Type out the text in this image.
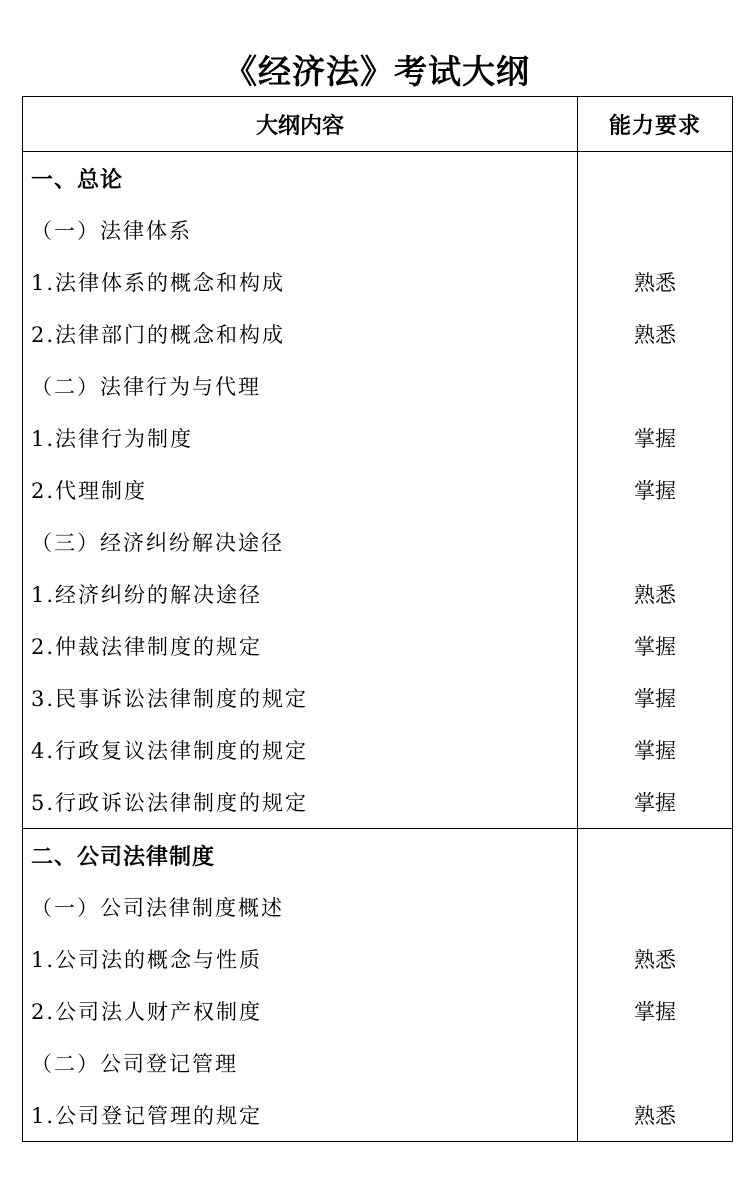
《经济法》考试大纲
大纲内容	能力要求
一、总论	
（一）法律体系	
1.法律体系的概念和构成	熟悉
2.法律部门的概念和构成	熟悉
（二）法律行为与代理	
1.法律行为制度	掌握
2.代理制度	掌握
（三）经济纠纷解决途径	
1.经济纠纷的解决途径	熟悉
2.仲裁法律制度的规定	掌握
3.民事诉讼法律制度的规定	掌握
4.行政复议法律制度的规定	掌握
5.行政诉讼法律制度的规定	掌握
二、公司法律制度	
（一）公司法律制度概述	
1.公司法的概念与性质	熟悉
2.公司法人财产权制度	掌握
（二）公司登记管理	
1.公司登记管理的规定	熟悉
